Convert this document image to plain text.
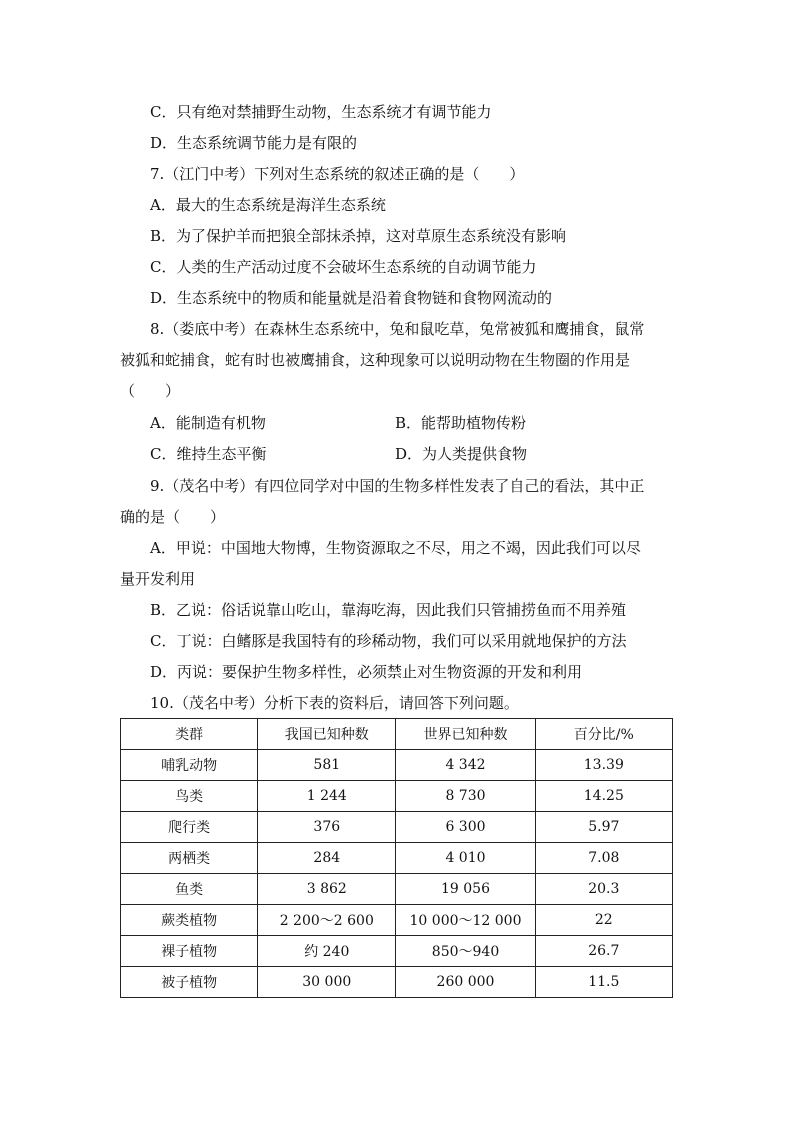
C．只有绝对禁捕野生动物，生态系统才有调节能力
D．生态系统调节能力是有限的
7.（江门中考）下列对生态系统的叙述正确的是（　　）
A．最大的生态系统是海洋生态系统
B．为了保护羊而把狼全部抹杀掉，这对草原生态系统没有影响
C．人类的生产活动过度不会破坏生态系统的自动调节能力
D．生态系统中的物质和能量就是沿着食物链和食物网流动的
8.（娄底中考）在森林生态系统中，兔和鼠吃草，兔常被狐和鹰捕食，鼠常
被狐和蛇捕食，蛇有时也被鹰捕食，这种现象可以说明动物在生物圈的作用是
（　　）
A．能制造有机物	B．能帮助植物传粉
C．维持生态平衡	D．为人类提供食物
9.（茂名中考）有四位同学对中国的生物多样性发表了自己的看法，其中正
确的是（　　）
A．甲说：中国地大物博，生物资源取之不尽，用之不竭，因此我们可以尽
量开发利用
B．乙说：俗话说靠山吃山，靠海吃海，因此我们只管捕捞鱼而不用养殖
C．丁说：白鳍豚是我国特有的珍稀动物，我们可以采用就地保护的方法
D．丙说：要保护生物多样性，必须禁止对生物资源的开发和利用
10.（茂名中考）分析下表的资料后，请回答下列问题。
类群	我国已知种数	世界已知种数	百分比/%
哺乳动物	581	4 342	13.39
鸟类	1 244	8 730	14.25
爬行类	376	6 300	5.97
两栖类	284	4 010	7.08
鱼类	3 862	19 056	20.3
蕨类植物	2 200～2 600	10 000～12 000	22
裸子植物	约 240	850～940	26.7
被子植物	30 000	260 000	11.5
